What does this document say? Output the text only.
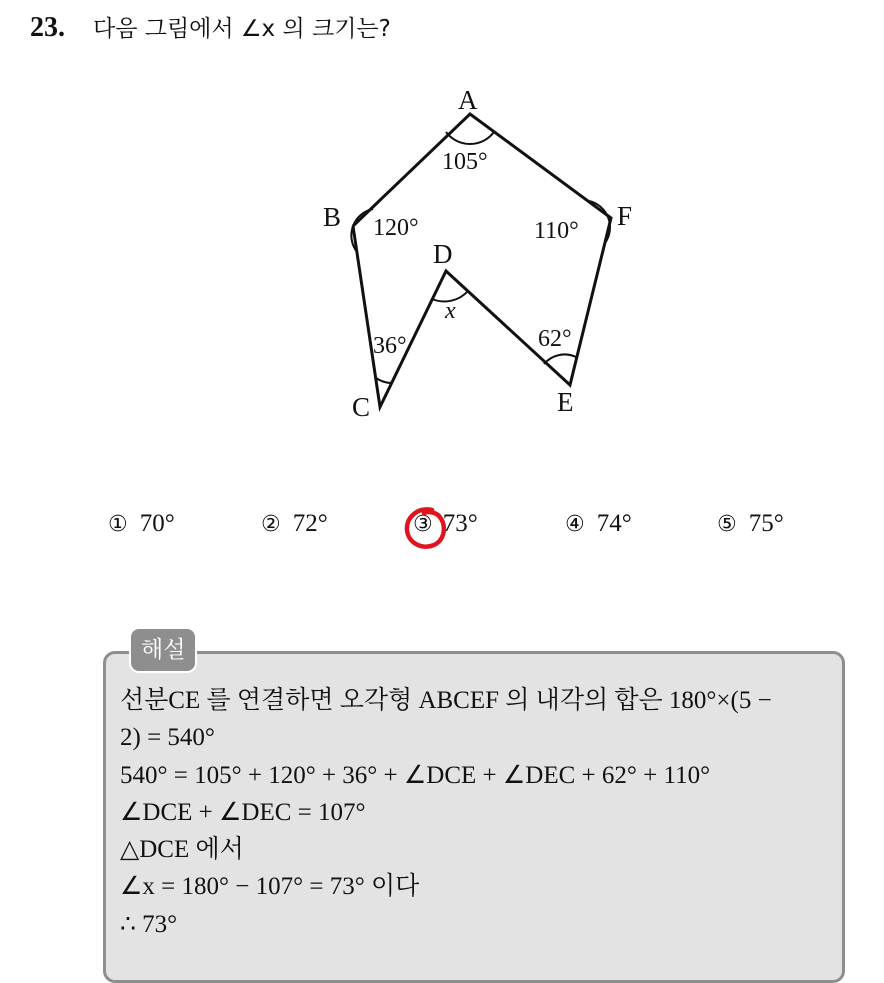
23. 다음 그림에서 ∠x 의 크기는?
A
B
C
D
E
F
105°
120°
36°
x
62°
110°
① 70°	② 72°	③ 73°	④ 74°	⑤ 75°
해설
선분CE 를 연결하면 오각형 ABCEF 의 내각의 합은 180°×(5 −
2) = 540°
540° = 105° + 120° + 36° + ∠DCE + ∠DEC + 62° + 110°
∠DCE + ∠DEC = 107°
△DCE 에서
∠x = 180° − 107° = 73° 이다
∴ 73°
